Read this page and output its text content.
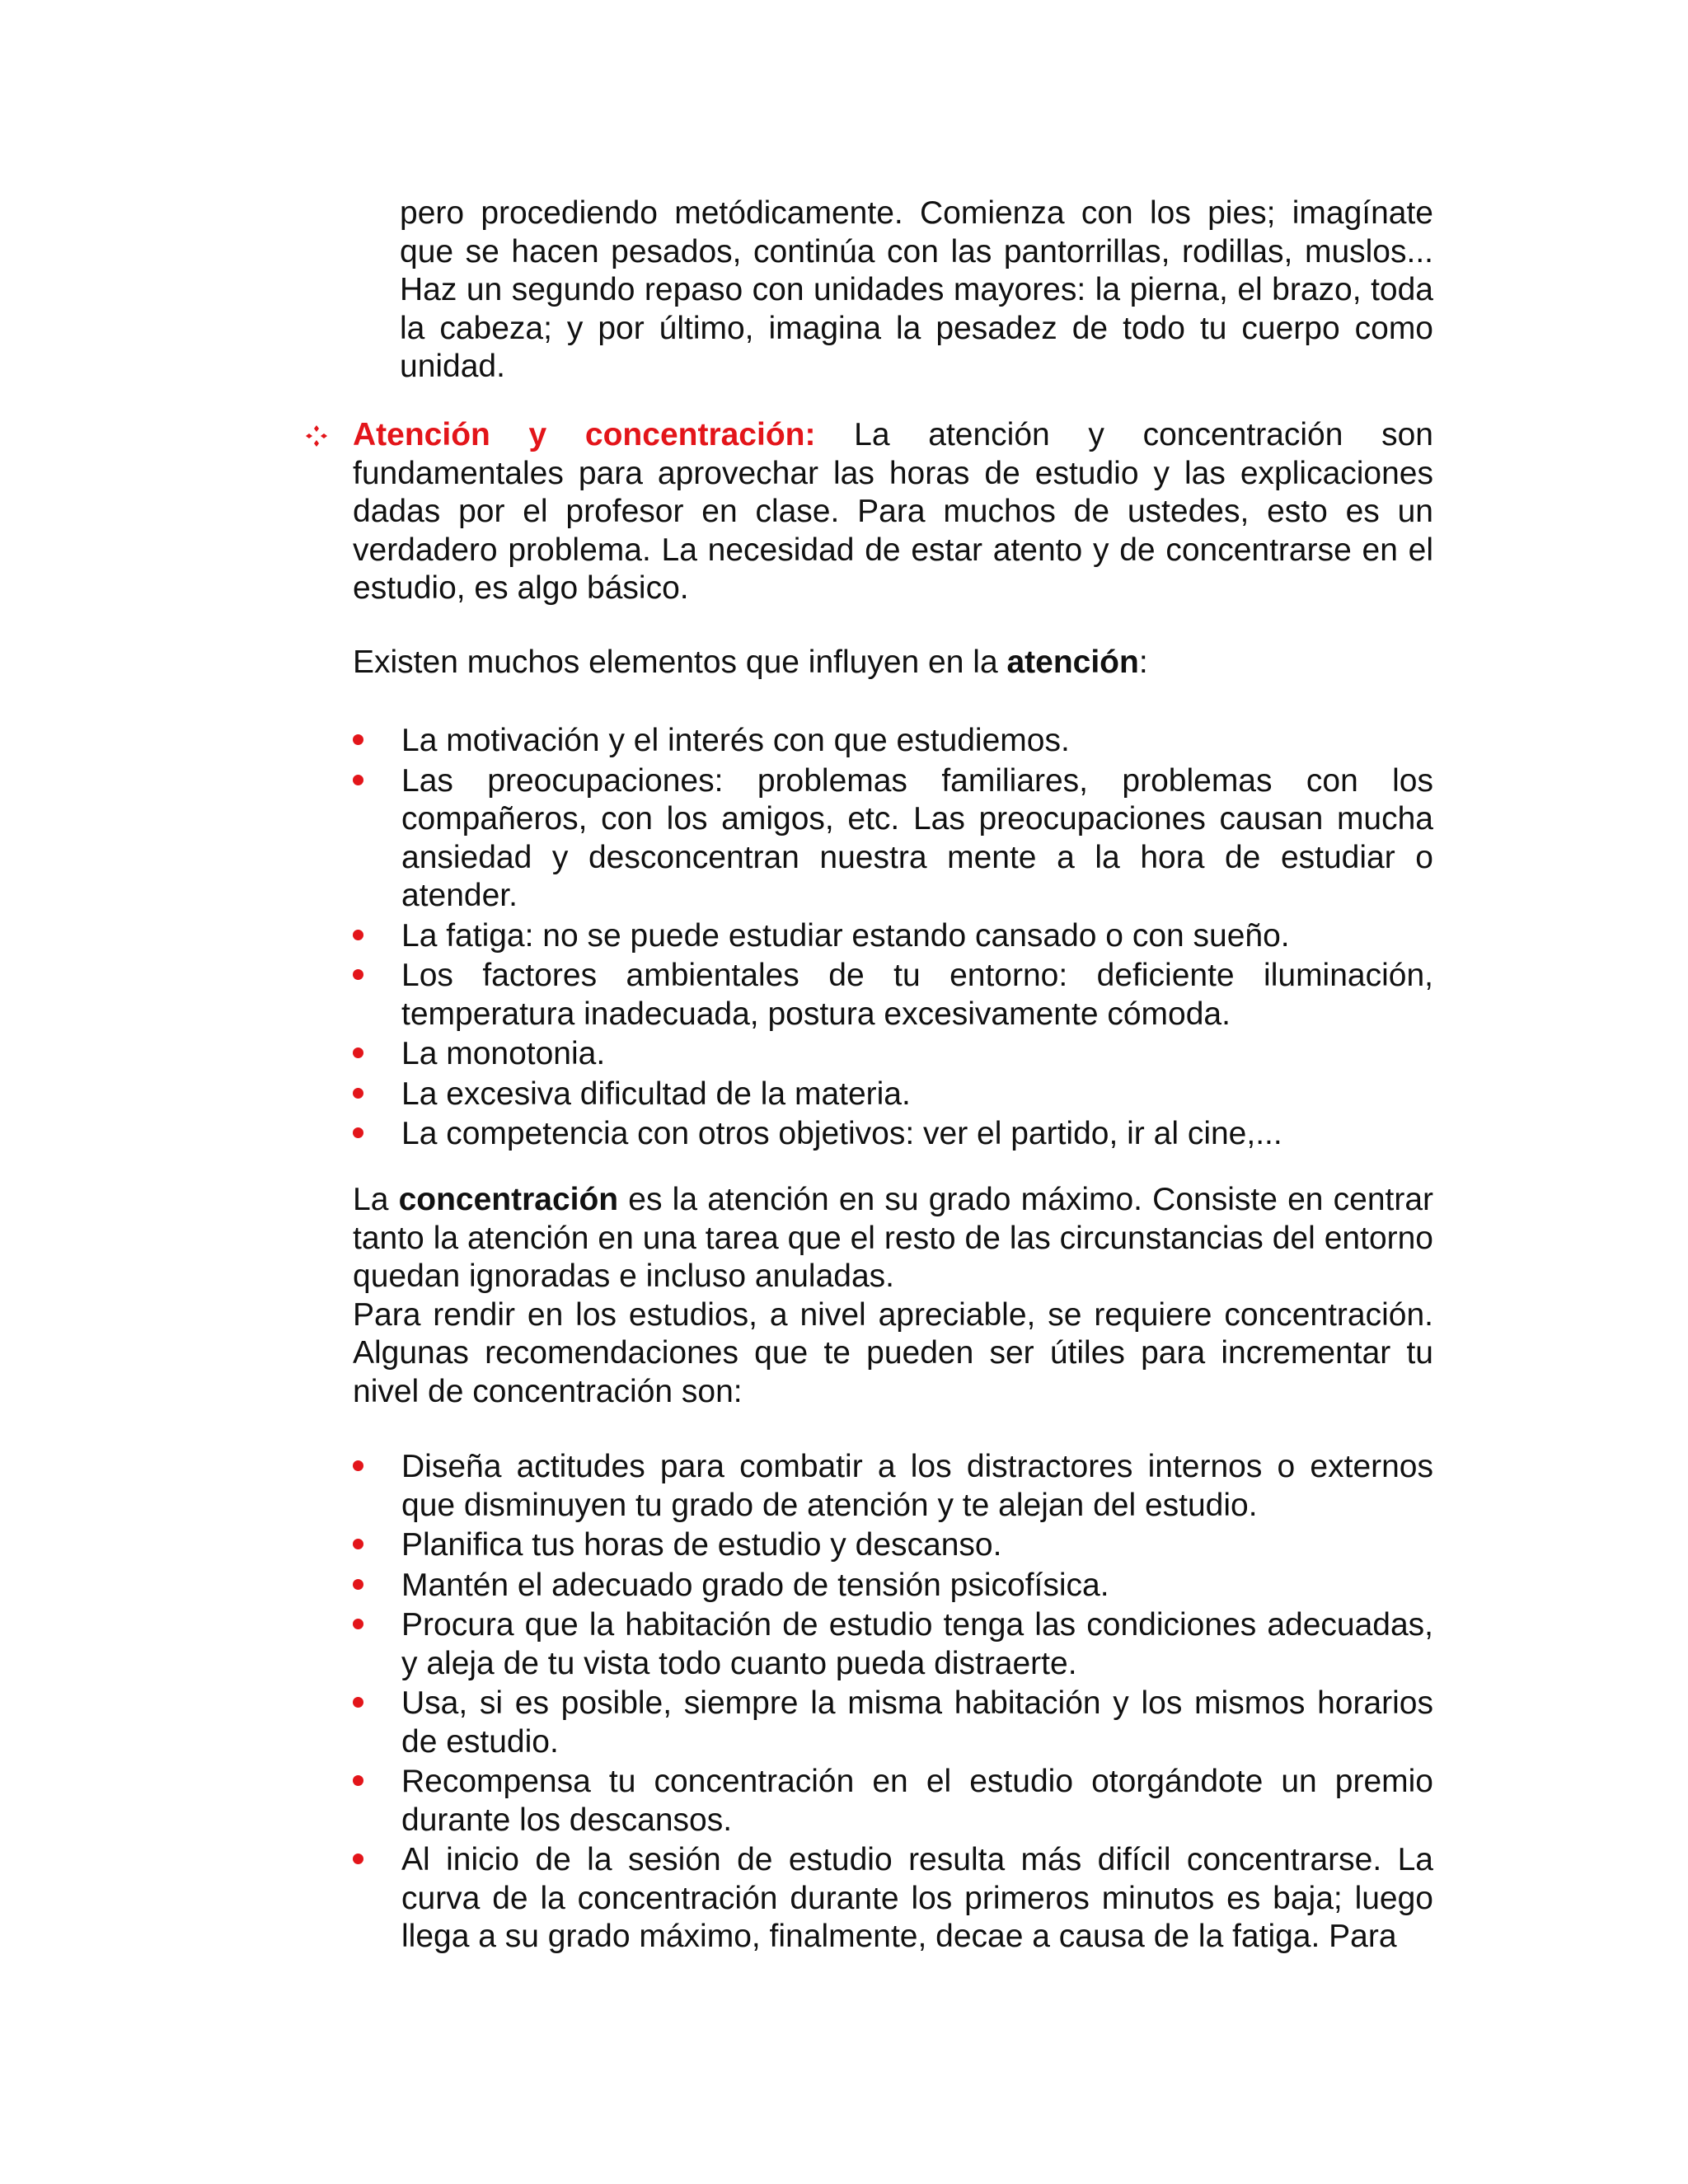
pero procediendo metódicamente. Comienza con los pies; imagínate que se hacen pesados, continúa con las pantorrillas, rodillas, muslos... Haz un segundo repaso con unidades mayores: la pierna, el brazo, toda la cabeza; y por último, imagina la pesadez de todo tu cuerpo como unidad.

Atención y concentración: La atención y concentración son fundamentales para aprovechar las horas de estudio y las explicaciones dadas por el profesor en clase. Para muchos de ustedes, esto es un verdadero problema. La necesidad de estar atento y de concentrarse en el estudio, es algo básico.

Existen muchos elementos que influyen en la atención:

La motivación y el interés con que estudiemos.
Las preocupaciones: problemas familiares, problemas con los compañeros, con los amigos, etc. Las preocupaciones causan mucha ansiedad y desconcentran nuestra mente a la hora de estudiar o atender.
La fatiga: no se puede estudiar estando cansado o con sueño.
Los factores ambientales de tu entorno: deficiente iluminación, temperatura inadecuada, postura excesivamente cómoda.
La monotonia.
La excesiva dificultad de la materia.
La competencia con otros objetivos: ver el partido, ir al cine,...
La concentración es la atención en su grado máximo. Consiste en centrar tanto la atención en una tarea que el resto de las circunstancias del entorno quedan ignoradas e incluso anuladas.
Para rendir en los estudios, a nivel apreciable, se requiere concentración. Algunas recomendaciones que te pueden ser útiles para incrementar tu nivel de concentración son:
Diseña actitudes para combatir a los distractores internos o externos que disminuyen tu grado de atención y te alejan del estudio.
Planifica tus horas de estudio y descanso.
Mantén el adecuado grado de tensión psicofísica.
Procura que la habitación de estudio tenga las condiciones adecuadas, y aleja de tu vista todo cuanto pueda distraerte.
Usa, si es posible, siempre la misma habitación y los mismos horarios de estudio.
Recompensa tu concentración en el estudio otorgándote un premio durante los descansos.
Al inicio de la sesión de estudio resulta más difícil concentrarse. La curva de la concentración durante los primeros minutos es baja; luego llega a su grado máximo, finalmente, decae a causa de la fatiga. Para
